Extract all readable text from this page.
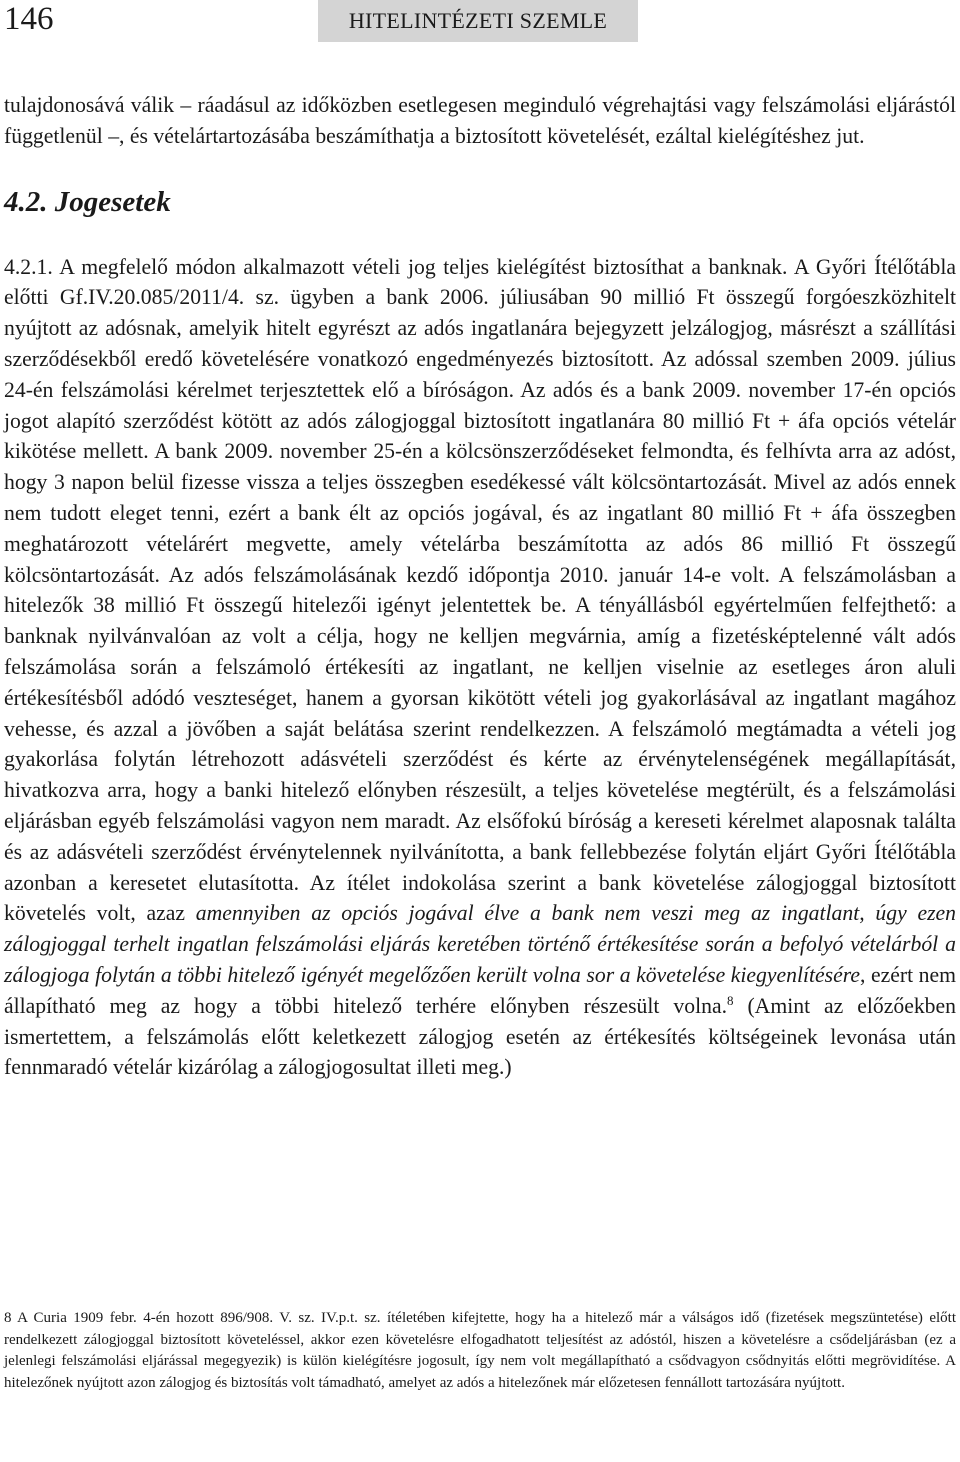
146	HITELINTÉZETI SZEMLE

tulajdonosává válik – ráadásul az időközben esetlegesen meginduló végrehajtási vagy felszámolási eljárástól függetlenül –, és vételártartozásába beszámíthatja a biztosított követelését, ezáltal kielégítéshez jut.

4.2. Jogesetek

4.2.1. A megfelelő módon alkalmazott vételi jog teljes kielégítést biztosíthat a banknak. A Győri Ítélőtábla előtti Gf.IV.20.085/2011/4. sz. ügyben a bank 2006. júliusában 90 millió Ft összegű forgóeszközhitelt nyújtott az adósnak, amelyik hitelt egyrészt az adós ingatlanára bejegyzett jelzálogjog, másrészt a szállítási szerződésekből eredő követelésére vonatkozó engedményezés biztosított. Az adóssal szemben 2009. július 24-én felszámolási kérelmet terjesztettek elő a bíróságon. Az adós és a bank 2009. november 17-én opciós jogot alapító szerződést kötött az adós zálogjoggal biztosított ingatlanára 80 millió Ft + áfa opciós vételár kikötése mellett. A bank 2009. november 25-én a kölcsönszerződéseket felmondta, és felhívta arra az adóst, hogy 3 napon belül fizesse vissza a teljes összegben esedékessé vált kölcsöntartozását. Mivel az adós ennek nem tudott eleget tenni, ezért a bank élt az opciós jogával, és az ingatlant 80 millió Ft + áfa összegben meghatározott vételárért megvette, amely vételárba beszámította az adós 86 millió Ft összegű kölcsöntartozását. Az adós felszámolásának kezdő időpontja 2010. január 14-e volt. A felszámolásban a hitelezők 38 millió Ft összegű hitelezői igényt jelentettek be. A tényállásból egyértelműen felfejthető: a banknak nyilvánvalóan az volt a célja, hogy ne kelljen megvárnia, amíg a fizetésképtelenné vált adós felszámolása során a felszámoló értékesíti az ingatlant, ne kelljen viselnie az esetleges áron aluli értékesítésből adódó veszteséget, hanem a gyorsan kikötött vételi jog gyakorlásával az ingatlant magához vehesse, és azzal a jövőben a saját belátása szerint rendelkezzen. A felszámoló megtámadta a vételi jog gyakorlása folytán létrehozott adásvételi szerződést és kérte az érvénytelenségének megállapítását, hivatkozva arra, hogy a banki hitelező előnyben részesült, a teljes követelése megtérült, és a felszámolási eljárásban egyéb felszámolási vagyon nem maradt. Az elsőfokú bíróság a kereseti kérelmet alaposnak találta és az adásvételi szerződést érvénytelennek nyilvánította, a bank fellebbezése folytán eljárt Győri Ítélőtábla azonban a keresetet elutasította. Az ítélet indokolása szerint a bank követelése zálogjoggal biztosított követelés volt, azaz amennyiben az opciós jogával élve a bank nem veszi meg az ingatlant, úgy ezen zálogjoggal terhelt ingatlan felszámolási eljárás keretében történő értékesítése során a befolyó vételárból a zálogjoga folytán a többi hitelező igényét megelőzően került volna sor a követelése kiegyenlítésére, ezért nem állapítható meg az hogy a többi hitelező terhére előnyben részesült volna.$^8$ (Amint az előzőekben ismertettem, a felszámolás előtt keletkezett zálogjog esetén az értékesítés költségeinek levonása után fennmaradó vételár kizárólag a zálogjogosultat illeti meg.)

8 A Curia 1909 febr. 4-én hozott 896/908. V. sz. IV.p.t. sz. ítéletében kifejtette, hogy ha a hitelező már a válságos idő (fizetések megszüntetése) előtt rendelkezett zálogjoggal biztosított követeléssel, akkor ezen követelésre elfogadhatott teljesítést az adóstól, hiszen a követelésre a csődeljárásban (ez a jelenlegi felszámolási eljárással megegyezik) is külön kielégítésre jogosult, így nem volt megállapítható a csődvagyon csődnyitás előtti megrövidítése. A hitelezőnek nyújtott azon zálogjog és biztosítás volt támadható, amelyet az adós a hitelezőnek már előzetesen fennállott tartozására nyújtott.
